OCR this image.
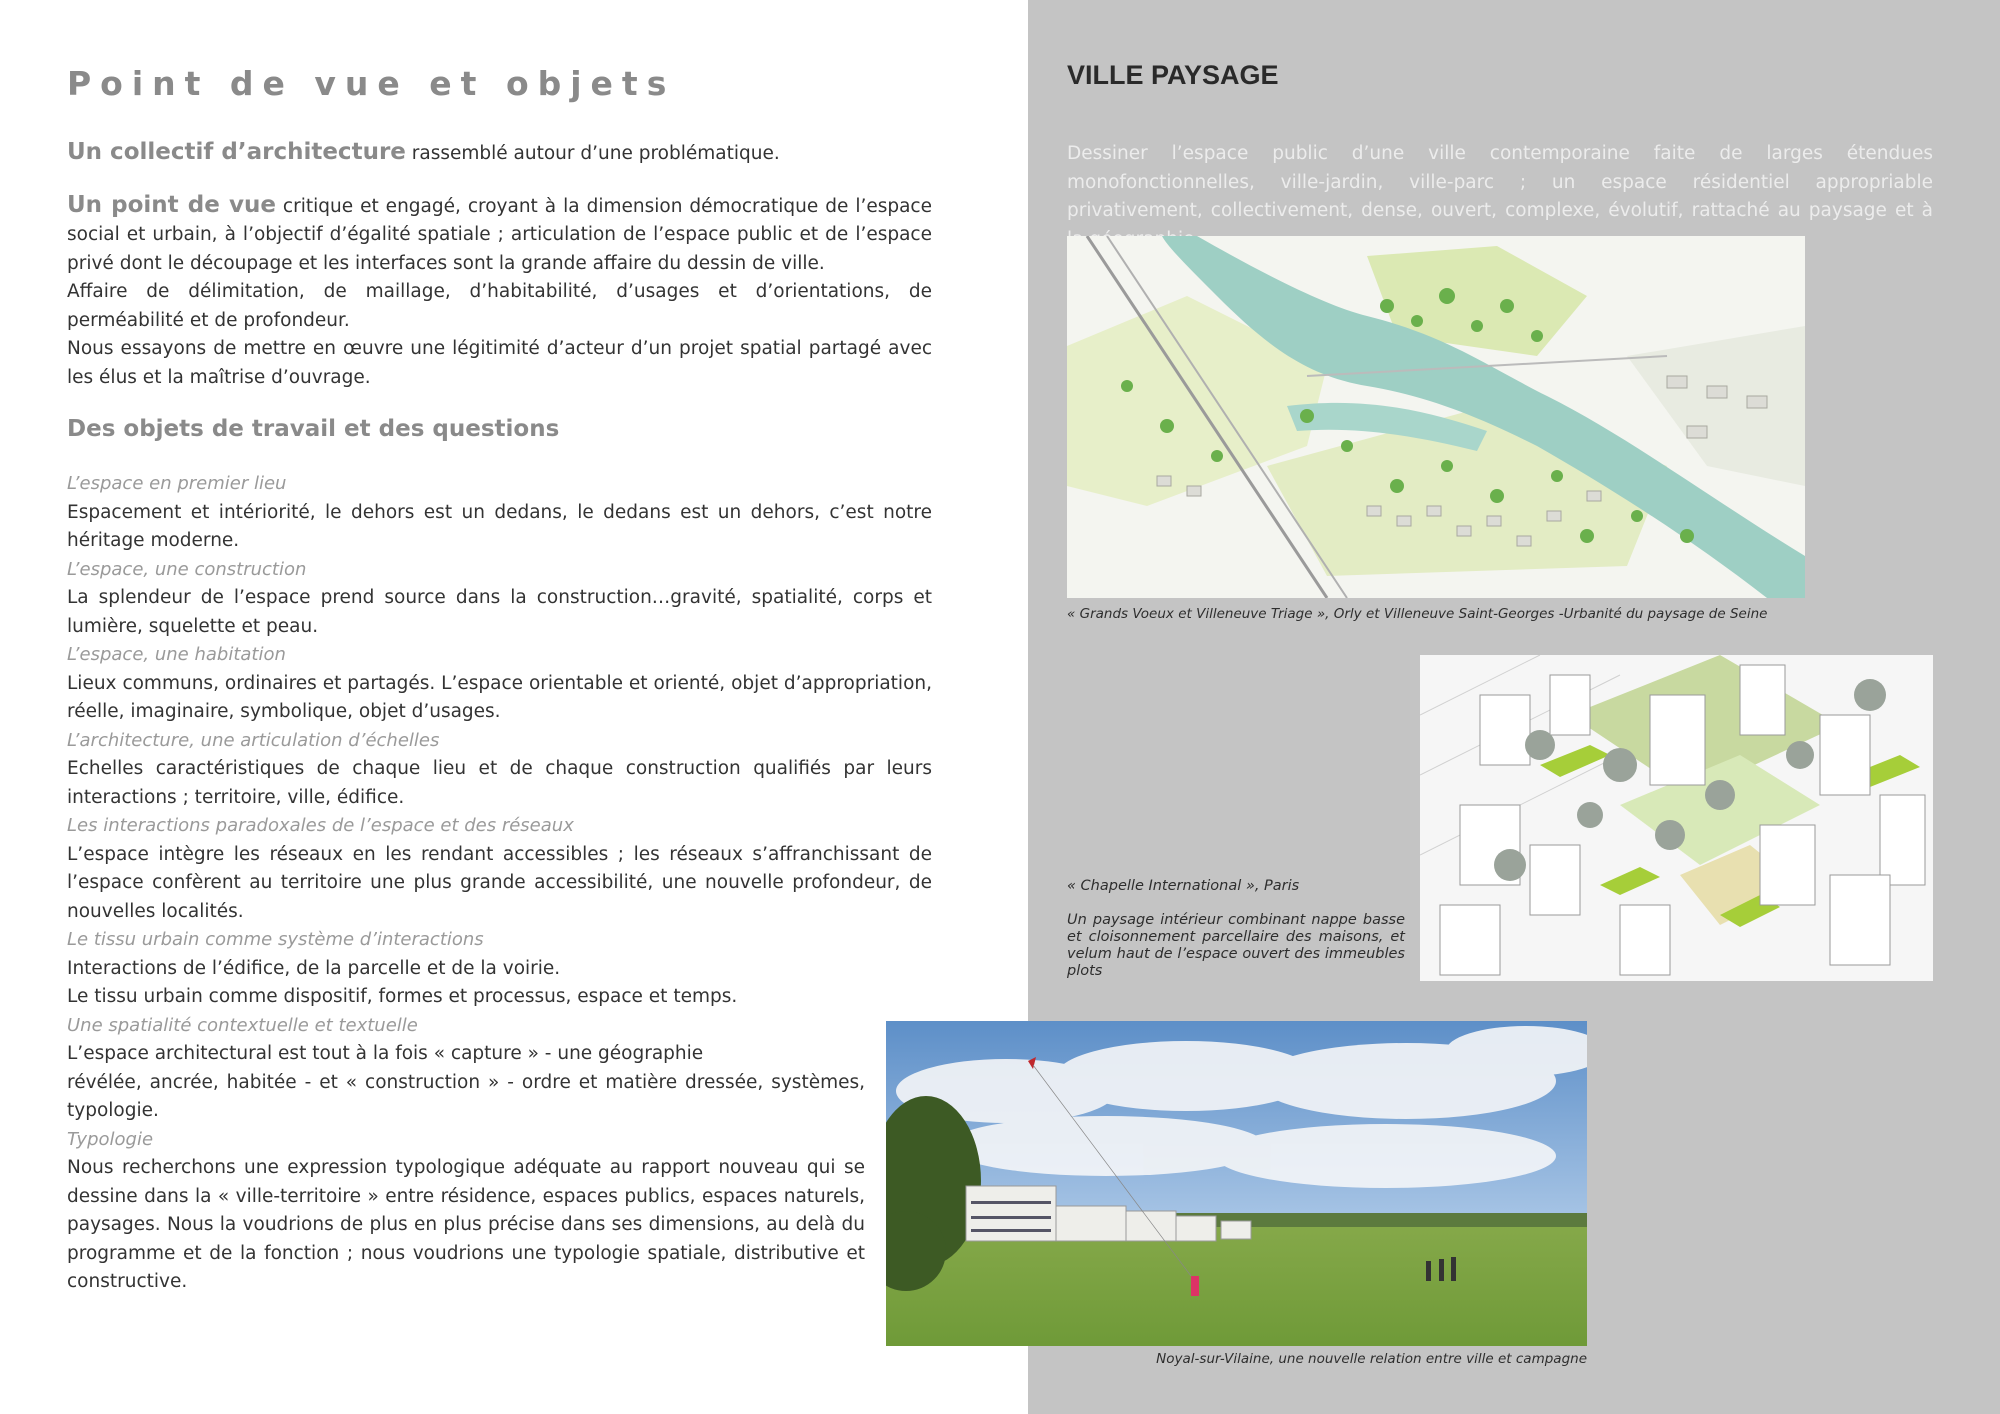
Point de vue et objets

Un collectif d’architecture rassemblé autour d’une problématique.

Un point de vue critique et engagé, croyant à la dimension démocratique de l’espace social et urbain, à l’objectif d’égalité spatiale ; articulation de l’espace public et de l’espace privé dont le découpage et les interfaces sont la grande affaire du dessin de ville.

Affaire de délimitation, de maillage, d’habitabilité, d’usages et d’orientations, de perméabilité et de profondeur.

Nous essayons de mettre en œuvre une légitimité d’acteur d’un projet spatial partagé avec les élus et la maîtrise d’ouvrage.

Des objets de travail et des questions
L’espace en premier lieu
Espacement et intériorité, le dehors est un dedans, le dedans est un dehors, c’est notre héritage moderne.
L’espace, une construction
La splendeur de l’espace prend source dans la construction…gravité, spatialité, corps et lumière, squelette et peau.
L’espace, une habitation
Lieux communs, ordinaires et partagés. L’espace orientable et orienté, objet d’appropriation, réelle, imaginaire, symbolique, objet d’usages.
L’architecture, une articulation d’échelles
Echelles caractéristiques de chaque lieu et de chaque construction qualifiés par leurs interactions ; territoire, ville, édifice.
Les interactions paradoxales de l’espace et des réseaux
L’espace intègre les réseaux en les rendant accessibles ; les réseaux s’affranchissant de l’espace confèrent au territoire une plus grande accessibilité, une nouvelle profondeur, de nouvelles localités.
Le tissu urbain comme système d’interactions
Interactions de l’édifice, de la parcelle et de la voirie.
Le tissu urbain comme dispositif, formes et processus, espace et temps.
Une spatialité contextuelle et textuelle
L’espace architectural est tout à la fois « capture » - une géographie
révélée, ancrée, habitée - et « construction » - ordre et matière dressée, systèmes, typologie.
Typologie
Nous recherchons une expression typologique adéquate au rapport nouveau qui se dessine dans la « ville-territoire » entre résidence, espaces publics, espaces naturels, paysages. Nous la voudrions de plus en plus précise dans ses dimensions, au delà du programme et de la fonction ; nous voudrions une typologie spatiale, distributive et constructive.
VILLE PAYSAGE

Dessiner l’espace public d’une ville contemporaine faite de larges étendues monofonctionnelles, ville-jardin, ville-parc ; un espace résidentiel appropriable privativement, collectivement, dense, ouvert, complexe, évolutif, rattaché au paysage et à

« Grands Voeux et Villeneuve Triage », Orly et Villeneuve Saint-Georges -Urbanité du paysage de Seine

« Chapelle International », Paris

Un paysage intérieur combinant nappe basse et cloisonnement parcellaire des maisons, et velum haut de l’espace ouvert des immeubles plots

Noyal-sur-Vilaine, une nouvelle relation entre ville et campagne
